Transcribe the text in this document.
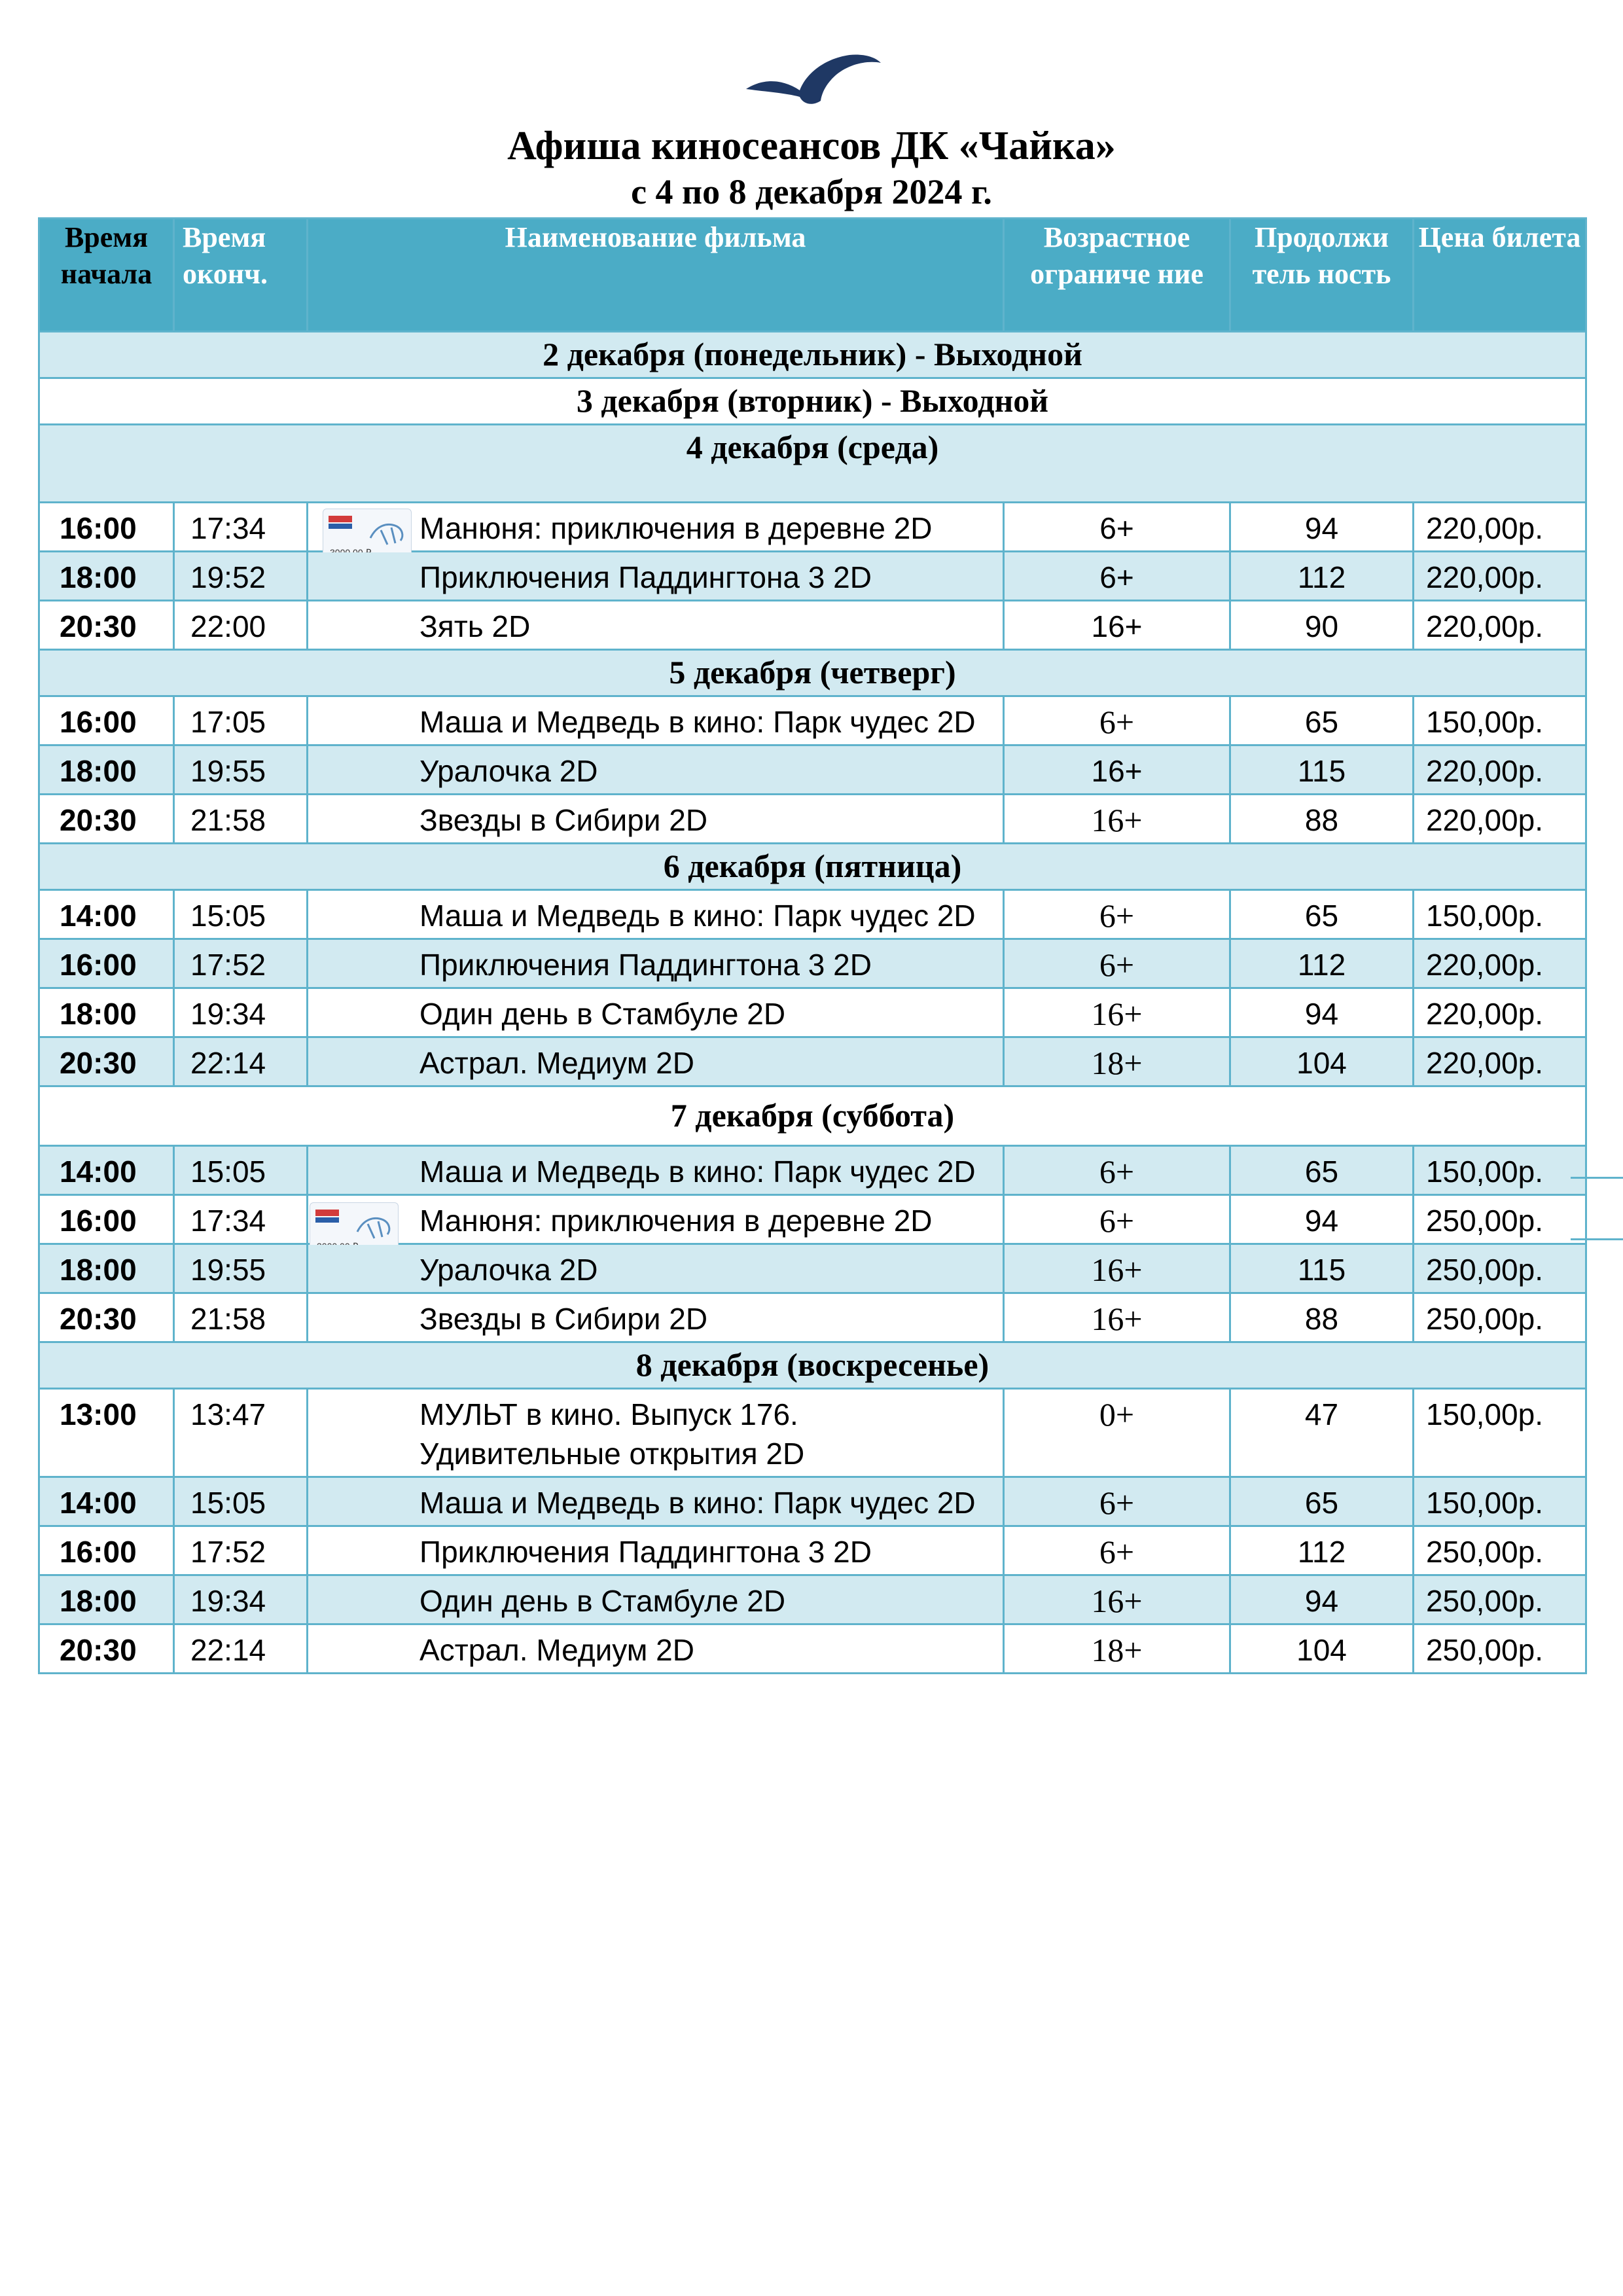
Афиша киносеансов ДК «Чайка»
с 4 по 8 декабря 2024 г.
Время начала	Время оконч.	Наименование фильма	Возрастное ограниче ние	Продолжи тель ность	Цена билета
2 декабря (понедельник) - Выходной					
3 декабря (вторник) - Выходной					
4 декабря (среда)					
16:00	17:34	Манюня: приключения в деревне 2D	6+	94	220,00р.
18:00	19:52	Приключения Паддингтона 3 2D	6+	112	220,00р.
20:30	22:00	Зять 2D	16+	90	220,00р.
5 декабря (четверг)					
16:00	17:05	Маша и Медведь в кино: Парк чудес 2D	6+	65	150,00р.
18:00	19:55	Уралочка 2D	16+	115	220,00р.
20:30	21:58	Звезды в Сибири 2D	16+	88	220,00р.
6 декабря (пятница)					
14:00	15:05	Маша и Медведь в кино: Парк чудес 2D	6+	65	150,00р.
16:00	17:52	Приключения Паддингтона 3 2D	6+	112	220,00р.
18:00	19:34	Один день в Стамбуле 2D	16+	94	220,00р.
20:30	22:14	Астрал. Медиум 2D	18+	104	220,00р.
7 декабря (суббота)					
14:00	15:05	Маша и Медведь в кино: Парк чудес 2D	6+	65	150,00р.
16:00	17:34	Манюня: приключения в деревне 2D	6+	94	250,00р.
18:00	19:55	Уралочка 2D	16+	115	250,00р.
20:30	21:58	Звезды в Сибири 2D	16+	88	250,00р.
8 декабря (воскресенье)					
13:00	13:47	МУЛЬТ в кино. Выпуск 176. Удивительные открытия 2D	0+	47	150,00р.
14:00	15:05	Маша и Медведь в кино: Парк чудес 2D	6+	65	150,00р.
16:00	17:52	Приключения Паддингтона 3 2D	6+	112	250,00р.
18:00	19:34	Один день в Стамбуле 2D	16+	94	250,00р.
20:30	22:14	Астрал. Медиум 2D	18+	104	250,00р.
